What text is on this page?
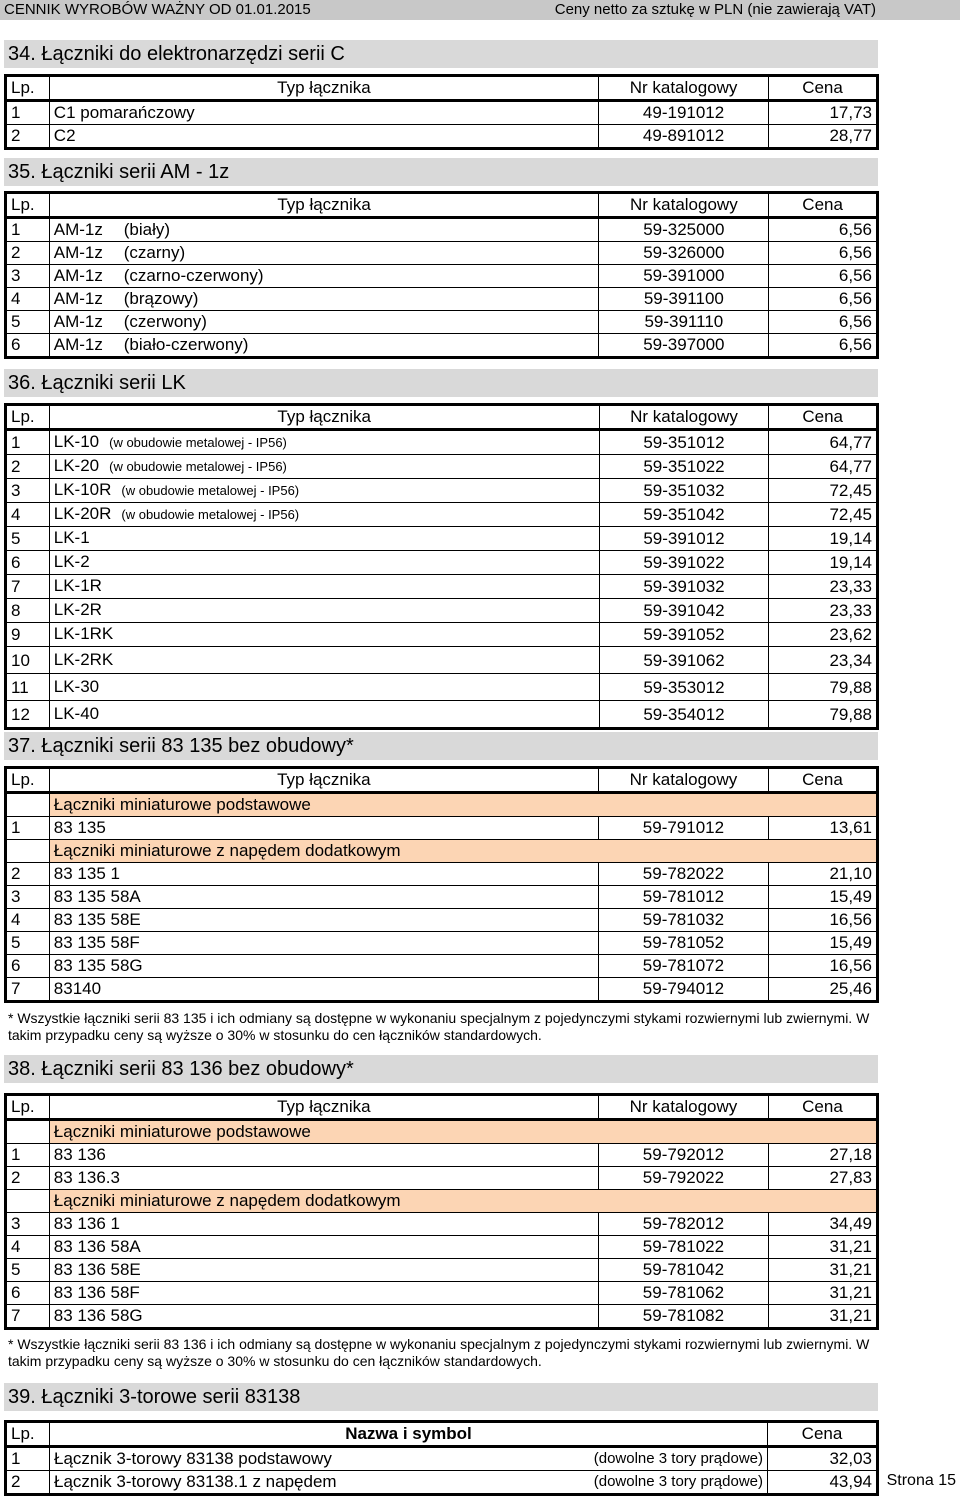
CENNIK WYROBÓW WAŻNY OD 01.01.2015	Ceny netto za sztukę w PLN (nie zawierają VAT)
34. Łączniki do elektronarzędzi serii C
Lp.	Typ łącznika	Nr katalogowy	Cena
1	C1 pomarańczowy	49-191012	17,73
2	C2	49-891012	28,77
35. Łączniki serii AM - 1z
Lp.	Typ łącznika	Nr katalogowy	Cena
1	AM-1z (biały)	59-325000	6,56
2	AM-1z (czarny)	59-326000	6,56
3	AM-1z (czarno-czerwony)	59-391000	6,56
4	AM-1z (brązowy)	59-391100	6,56
5	AM-1z (czerwony)	59-391110	6,56
6	AM-1z (biało-czerwony)	59-397000	6,56
36. Łączniki serii LK
Lp.	Typ łącznika	Nr katalogowy	Cena
1	LK-10 (w obudowie metalowej - IP56)	59-351012	64,77
2	LK-20 (w obudowie metalowej - IP56)	59-351022	64,77
3	LK-10R (w obudowie metalowej - IP56)	59-351032	72,45
4	LK-20R (w obudowie metalowej - IP56)	59-351042	72,45
5	LK-1	59-391012	19,14
6	LK-2	59-391022	19,14
7	LK-1R	59-391032	23,33
8	LK-2R	59-391042	23,33
9	LK-1RK	59-391052	23,62
10	LK-2RK	59-391062	23,34
11	LK-30	59-353012	79,88
12	LK-40	59-354012	79,88
37. Łączniki serii 83 135 bez obudowy*
Lp.	Typ łącznika	Nr katalogowy	Cena
	Łączniki miniaturowe podstawowe		
1	83 135	59-791012	13,61
	Łączniki miniaturowe z napędem dodatkowym		
2	83 135 1	59-782022	21,10
3	83 135 58A	59-781012	15,49
4	83 135 58E	59-781032	16,56
5	83 135 58F	59-781052	15,49
6	83 135 58G	59-781072	16,56
7	83140	59-794012	25,46
* Wszystkie łączniki serii 83 135 i ich odmiany są dostępne w wykonaniu specjalnym z pojedynczymi stykami rozwiernymi lub zwiernymi. W takim przypadku ceny są wyższe o 30% w stosunku do cen łączników standardowych.
38. Łączniki serii 83 136 bez obudowy*
Lp.	Typ łącznika	Nr katalogowy	Cena
	Łączniki miniaturowe podstawowe		
1	83 136	59-792012	27,18
2	83 136.3	59-792022	27,83
	Łączniki miniaturowe z napędem dodatkowym		
3	83 136 1	59-782012	34,49
4	83 136 58A	59-781022	31,21
5	83 136 58E	59-781042	31,21
6	83 136 58F	59-781062	31,21
7	83 136 58G	59-781082	31,21
* Wszystkie łączniki serii 83 136 i ich odmiany są dostępne w wykonaniu specjalnym z pojedynczymi stykami rozwiernymi lub zwiernymi. W takim przypadku ceny są wyższe o 30% w stosunku do cen łączników standardowych.
39. Łączniki 3-torowe serii 83138
Lp.	Nazwa i symbol	Cena
1	Łącznik 3-torowy 83138 podstawowy (dowolne 3 tory prądowe)	32,03
2	Łącznik 3-torowy 83138.1 z napędem (dowolne 3 tory prądowe)	43,94 Strona 15
